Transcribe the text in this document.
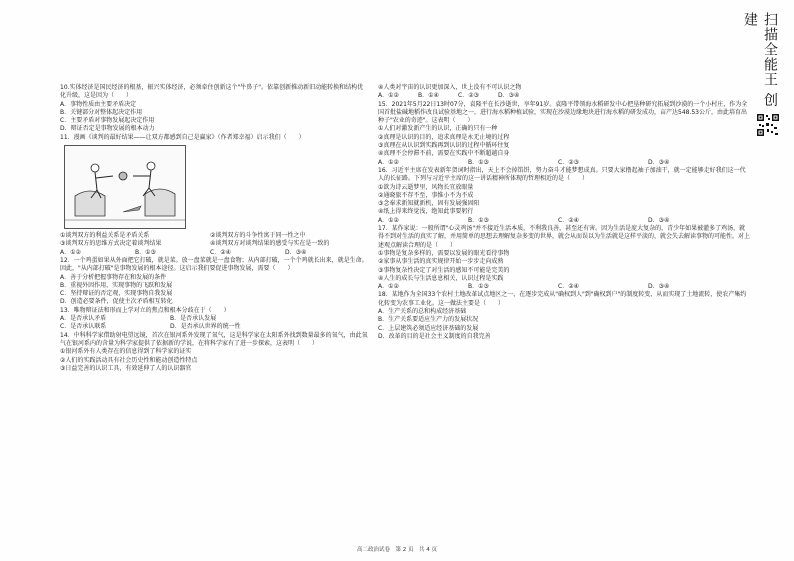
10.实体经济是国民经济的根基，振兴实体经济，必须牵住创新这个"牛鼻子"。依靠创新推动新旧动能转换和结构优化升级，这是因为（　　）

A．事物性质由主要矛盾决定

B．关键部分对整体起决定作用

C．主要矛盾对事物发展起决定作用

D．辩证否定是事物发展的根本动力

11．漫画《谈判的最好结果——让双方都感到自己是赢家》（作者郑幸福）启示我们（　　）

①谈判双方的利益关系是矛盾关系	②谈判双方的斗争性寓于同一性之中
③谈判双方的思维方式决定着谈判结果	④谈判双方对谈判结果的感受与实在是一致的
A．①②	B．①③	C．②④	D．③④

12．一个鸡蛋如果从外面把它打破，就是菜。放一盘菜就是一盘食物；从内部打破，一个个鸡就长出来，就是生命。因此，"从内部打破"是事物发展的根本途径。这启示我们要促进事物发展，需要（　　）

A．善于分析把握事物存在和发展的条件

B．重视外因作用，实现事物的飞跃和发展

C．坚持辩证的否定观，实现事物自我发展

D．创造必要条件，促使主次矛盾相互转化

13．唯物辩证法和形而上学对立的焦点和根本分歧在于（　　）

A．是否承认矛盾	B．是否承认发展
C．是否承认联系	D．是否承认世界的统一性

14．中科科学家借助射电望远镜，首次在银河系外发现了氧气，这是科学家在太阳系外找到数量最多的氧气，由此氧气在银河系内的含量为科学家提供了依据新的学说，在将科学家有了进一步探索，这表明（　　）

①银河系外有人类存在的信息得到了科学家的证实

②人们的实践活动具有社会历史性和能动创造性特点

③日益完善的认识工具，有效延伸了人的认识器官

④人类对宇宙的认识更加深入，世上没有不可认识之物

A．①②	B．①④	C．②③	D．③④

15．2021年5月22日13时07分，袁隆平在长沙逝世，享年91岁。袁隆平带领海水稻研发中心把垦种研究拓展到沙漠的一个小村庄，作为全国首批盐碱地稻作改良试验基地之一，进行海水稻种植试验，实现在沙漠边缘地块进行海水稻的研发成功，亩产达548.53公斤，由此培育出种子"农业的奇迹"。这表明（　　）

①人们对激发新产生的认识，正确的只有一种

②真理是认识的目的，追求真理是永无止境的过程

③真理在从认识到实践再到认识的过程中循环往复

④真理不会停滞不前，需要在实践中不断超越自身

A．①②	B．①③	C．②③	D．③④

16．习近平主席在发表新年贺词时指出，天上不会掉馅饼，努力奋斗才能梦想成真。只要大家撸起袖子加油干，就一定能够走好我们这一代人的长征路。下列与习近平主席的这一讲话精神所体现的哲理相近的是（　　）

①欲为诗云逝梦里，风物长宜放眼量

②通晓旅不存不至，事惟小不为不成

③念奉求新知就新机，固有发展强固阳

④纸上得来终觉浅，绝知此事要躬行

A．①②	B．①③	C．②④	D．③④

17．某作家说：一般所谓"心灵鸡汤"并不接近生活本质，不利我良善，甚至还有害。因为生活是庞大复杂的，青少年如果被灌多了鸡汤，就得不到对生活的真实了解，并用简单的思想去理解复杂多变的世界，就会从而误以为生活就是这样平淡的，就会失去解读事物的可能性。对上述观点解读合理的是（　　）

①事物是复杂多样的，需要以发展的眼光看待事物

②家事从事生活的真实规律开始一步步走向成熟

③事物复杂性决定了对生活的感知不可能是完美的

④人生的成长与生活息息相关，认识过程是实践

A．①②	B．①③	C．②④	D．③④

18．某地作为全国33个农村土地改革试点地区之一，在逐步完成从"确权到人"到"确权到户"的制度转变，从而实现了土地流转，使农产集约化转变为农事工业化。这一做法主要是（　　）

A．生产关系的总和构成经济基础

B．生产关系要适应生产力的发展状况

C．上层建筑必须适应经济基础的发展

D．改革的目的是社会主义制度的自我完善

高二政治试卷　第 2 页　共 4 页
扫描全能王 创建
